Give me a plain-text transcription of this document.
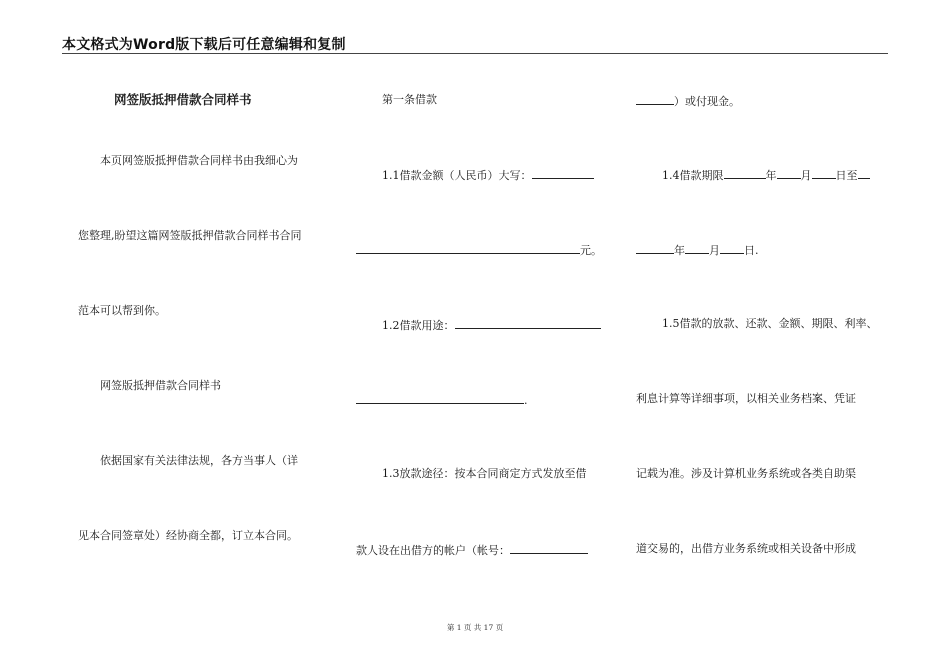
本文格式为Word版下载后可任意编辑和复制
网签版抵押借款合同样书
本页网签版抵押借款合同样书由我细心为
您整理,盼望这篇网签版抵押借款合同样书合同
范本可以帮到你。
网签版抵押借款合同样书
依据国家有关法律法规，各方当事人（详
见本合同签章处）经协商全都，订立本合同。
第一条借款
1.1借款金额（人民币）大写：
元。
1.2借款用途：
.
1.3放款途径：按本合同商定方式发放至借
款人设在出借方的帐户（帐号：
）或付现金。
1.4借款期限	年 月 日至
年 月 日.
1.5借款的放款、还款、金额、期限、利率、
利息计算等详细事项，以相关业务档案、凭证
记载为准。涉及计算机业务系统或各类自助渠
道交易的，出借方业务系统或相关设备中形成
第 1 页 共 17 页
